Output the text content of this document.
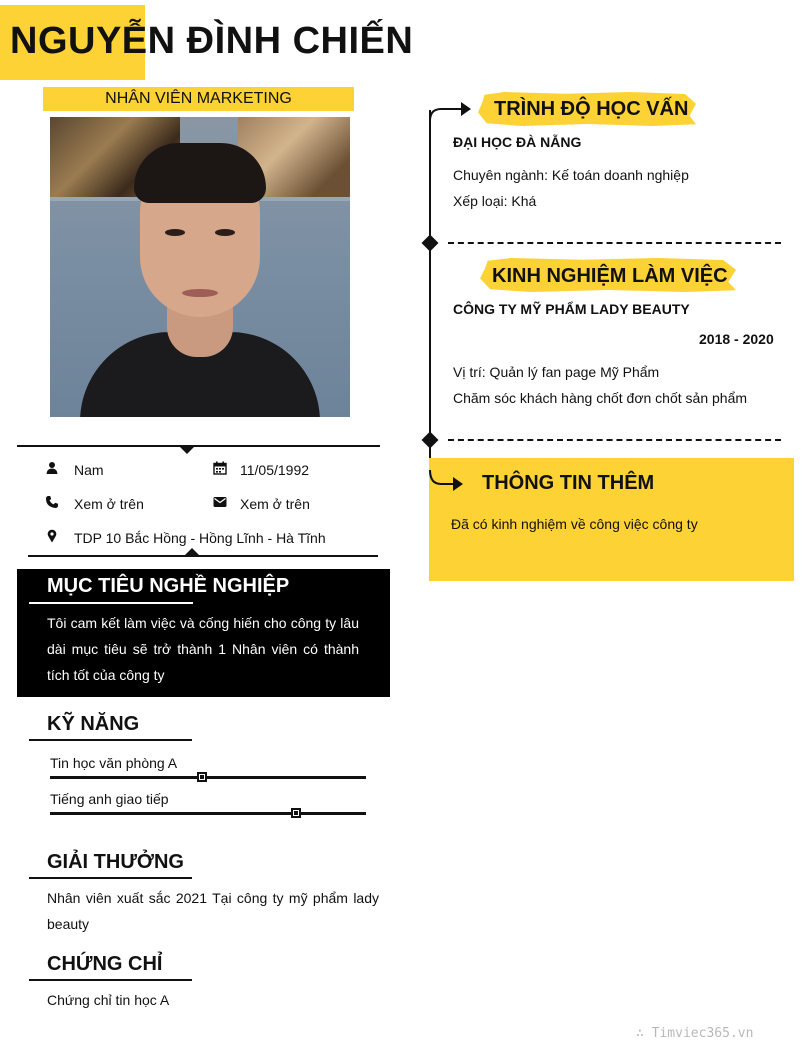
NGUYỄN ĐÌNH CHIẾN
NHÂN VIÊN MARKETING
Nam	11/05/1992
Xem ở trên	Xem ở trên
TDP 10 Bắc Hồng - Hồng Lĩnh - Hà Tĩnh
MỤC TIÊU NGHỀ NGHIỆP
Tôi cam kết làm việc và cống hiến cho công ty lâu dài mục tiêu sẽ trở thành 1 Nhân viên có thành tích tốt của công ty
KỸ NĂNG
Tin học văn phòng A
Tiếng anh giao tiếp
GIẢI THƯỞNG
Nhân viên xuất sắc 2021 Tại công ty mỹ phẩm lady beauty
CHỨNG CHỈ
Chứng chỉ tin học A
TRÌNH ĐỘ HỌC VẤN
ĐẠI HỌC ĐÀ NẴNG
Chuyên ngành: Kế toán doanh nghiệp
Xếp loại: Khá
KINH NGHIỆM LÀM VIỆC
CÔNG TY MỸ PHẨM LADY BEAUTY
2018 - 2020
Vị trí: Quản lý fan page Mỹ Phẩm
Chăm sóc khách hàng chốt đơn chốt sản phẩm
THÔNG TIN THÊM
Đã có kinh nghiệm về công việc công ty
∴ Timviec365.vn
